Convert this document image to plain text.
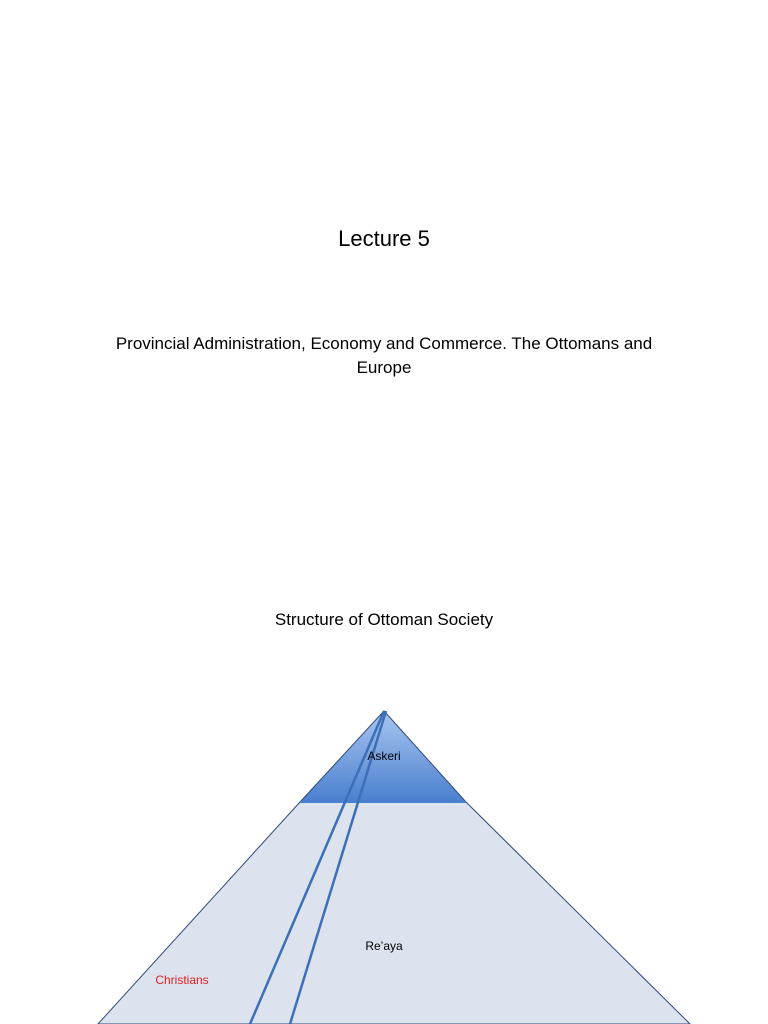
Lecture 5
Provincial Administration, Economy and Commerce. The Ottomans and Europe
Structure of Ottoman Society
Askeri
Re’aya
Christians
